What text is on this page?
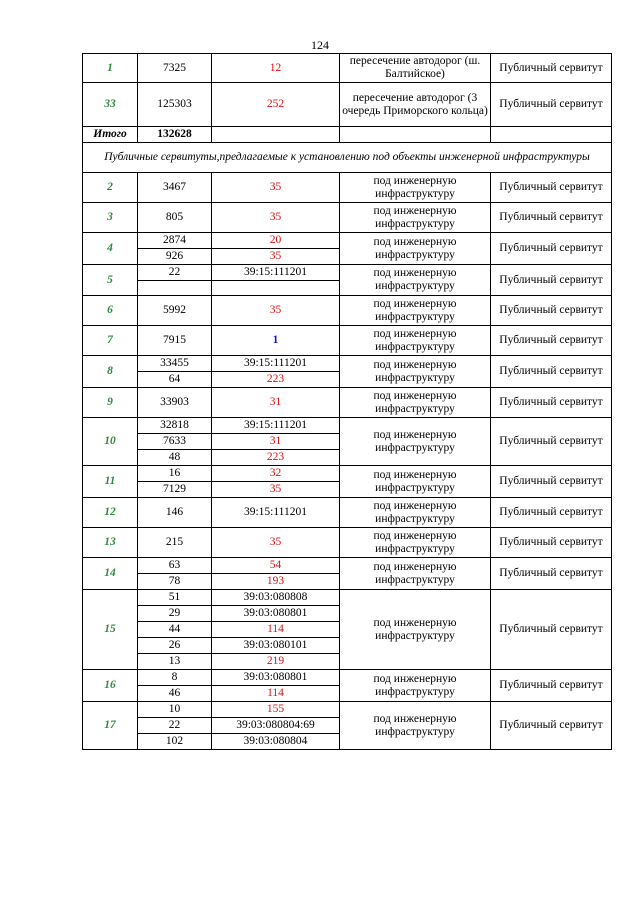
124
1	7325	12	пересечение автодорог (ш. Балтийское)	Публичный сервитут
33	125303	252	пересечение автодорог (3 очередь Приморского кольца)	Публичный сервитут
Итого	132628			
Публичные сервитуты,предлагаемые к установлению под объекты инженерной инфраструктуры				
2	3467	35	под инженерную инфраструктуру	Публичный сервитут
3	805	35	под инженерную инфраструктуру	Публичный сервитут
4	2874	20	под инженерную инфраструктуру	Публичный сервитут
	926	35		
5	22	39:15:111201	под инженерную инфраструктуру	Публичный сервитут

6	5992	35	под инженерную инфраструктуру	Публичный сервитут
7	7915	1	под инженерную инфраструктуру	Публичный сервитут
8	33455	39:15:111201	под инженерную инфраструктуру	Публичный сервитут
	64	223		
9	33903	31	под инженерную инфраструктуру	Публичный сервитут
10	32818	39:15:111201	под инженерную инфраструктуру	Публичный сервитут
	7633	31		
	48	223		
11	16	32	под инженерную инфраструктуру	Публичный сервитут
	7129	35		
12	146	39:15:111201	под инженерную инфраструктуру	Публичный сервитут
13	215	35	под инженерную инфраструктуру	Публичный сервитут
14	63	54	под инженерную инфраструктуру	Публичный сервитут
	78	193		
15	51	39:03:080808	под инженерную инфраструктуру	Публичный сервитут
	29	39:03:080801		
	44	114		
	26	39:03:080101		
	13	219		
16	8	39:03:080801	под инженерную инфраструктуру	Публичный сервитут
	46	114		
17	10	155	под инженерную инфраструктуру	Публичный сервитут
	22	39:03:080804:69		
	102	39:03:080804		
